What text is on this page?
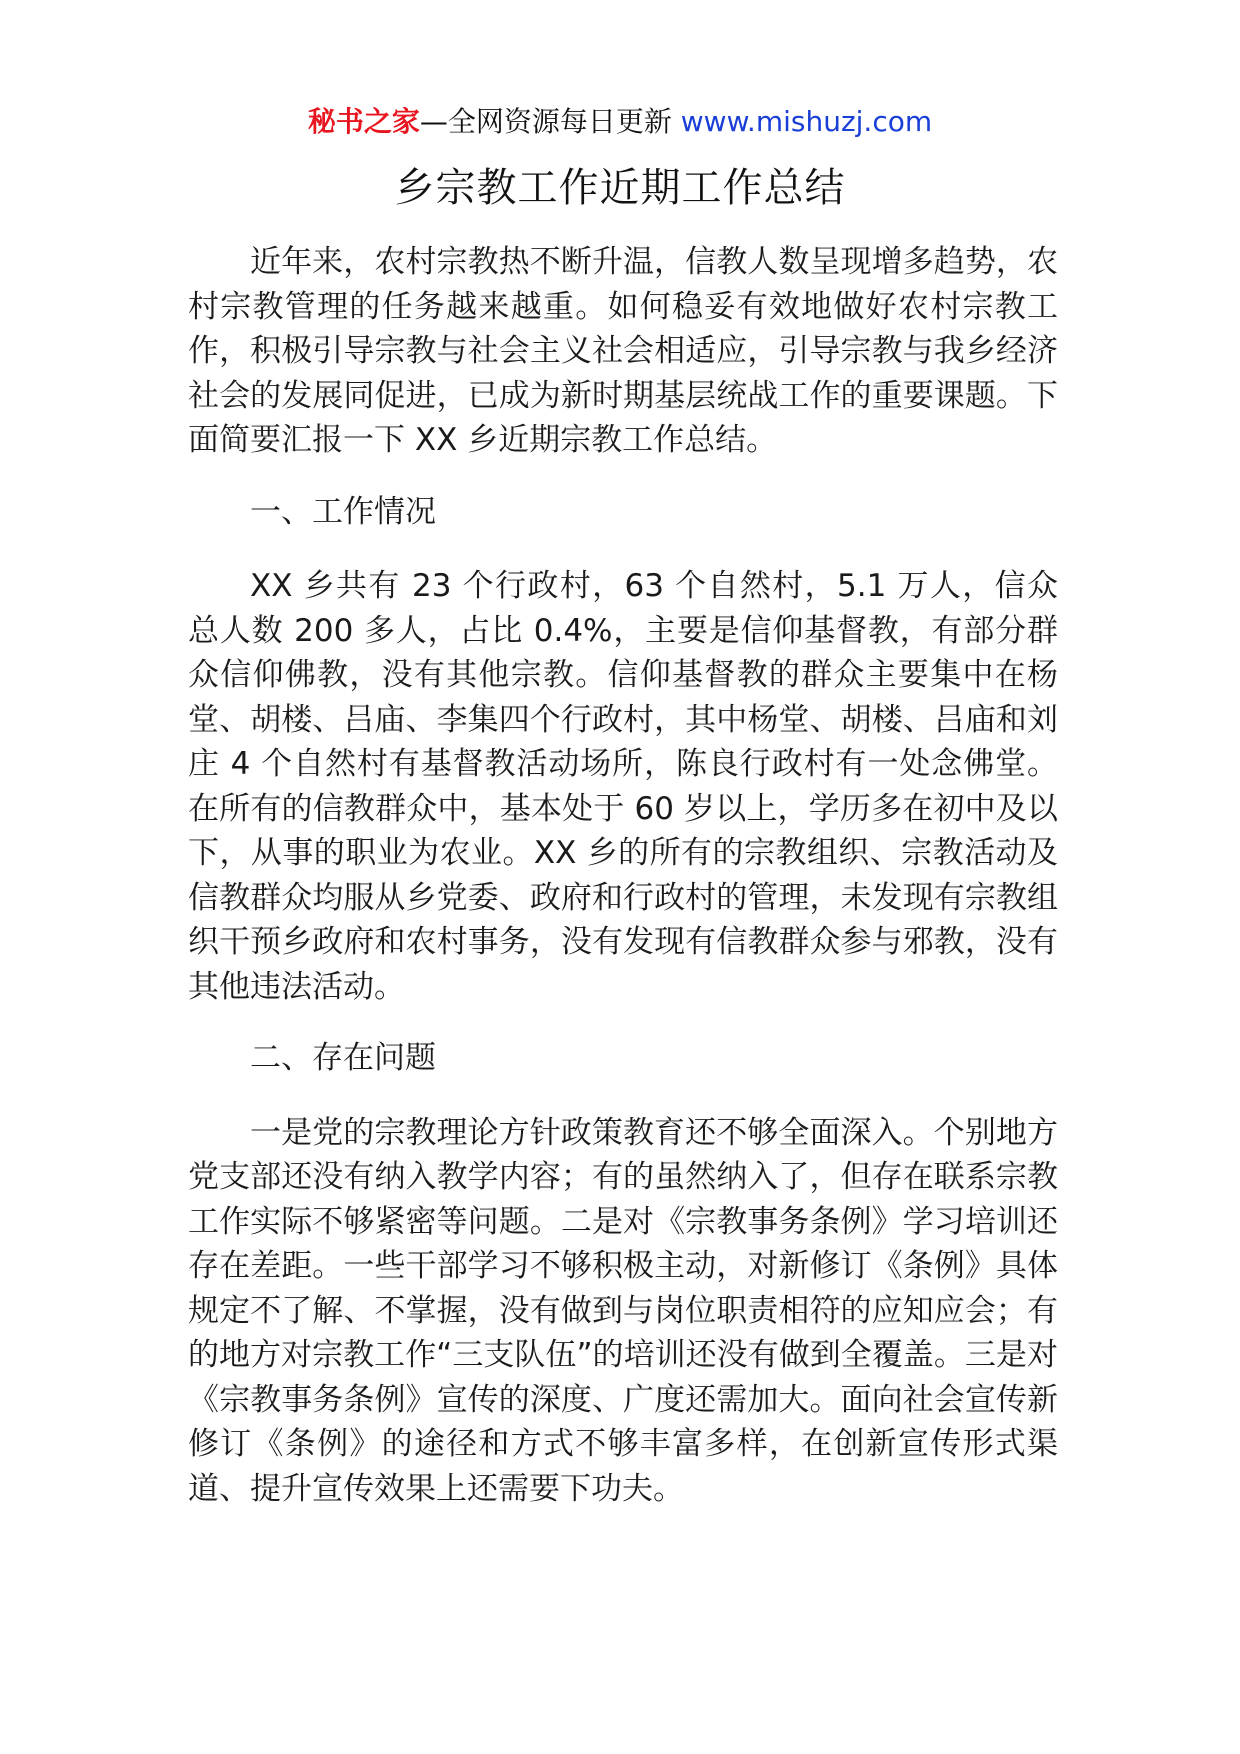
秘书之家—全网资源每日更新 www.mishuzj.com
乡宗教工作近期工作总结

近年来，农村宗教热不断升温，信教人数呈现增多趋势，农村宗教管理的任务越来越重。如何稳妥有效地做好农村宗教工作，积极引导宗教与社会主义社会相适应，引导宗教与我乡经济社会的发展同促进，已成为新时期基层统战工作的重要课题。下面简要汇报一下 XX 乡近期宗教工作总结。

一、工作情况

XX 乡共有 23 个行政村，63 个自然村，5.1 万人，信众总人数 200 多人，占比 0.4%，主要是信仰基督教，有部分群众信仰佛教，没有其他宗教。信仰基督教的群众主要集中在杨堂、胡楼、吕庙、李集四个行政村，其中杨堂、胡楼、吕庙和刘庄 4 个自然村有基督教活动场所，陈良行政村有一处念佛堂。在所有的信教群众中，基本处于 60 岁以上，学历多在初中及以下，从事的职业为农业。XX 乡的所有的宗教组织、宗教活动及信教群众均服从乡党委、政府和行政村的管理，未发现有宗教组织干预乡政府和农村事务，没有发现有信教群众参与邪教，没有其他违法活动。

二、存在问题

一是党的宗教理论方针政策教育还不够全面深入。个别地方党支部还没有纳入教学内容；有的虽然纳入了，但存在联系宗教工作实际不够紧密等问题。二是对《宗教事务条例》学习培训还存在差距。一些干部学习不够积极主动，对新修订《条例》具体规定不了解、不掌握，没有做到与岗位职责相符的应知应会；有的地方对宗教工作“三支队伍”的培训还没有做到全覆盖。三是对《宗教事务条例》宣传的深度、广度还需加大。面向社会宣传新修订《条例》的途径和方式不够丰富多样，在创新宣传形式渠道、提升宣传效果上还需要下功夫。
